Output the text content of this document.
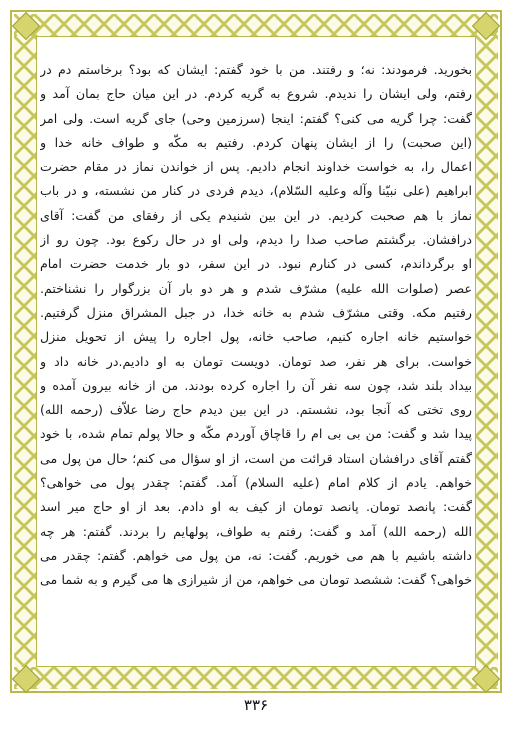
بخورید. فرمودند: نه؛ و رفتند. من با خود گفتم: ایشان که بود؟ برخاستم دم در
رفتم، ولی ایشان را ندیدم. شروع به گریه کردم. در این میان حاج بمان آمد و
گفت: چرا گریه می کنی؟ گفتم: اینجا (سرزمین وحی) جای گریه است. ولی امر
(این صحبت) را از ایشان پنهان کردم. رفتیم به مکّه و طواف خانه خدا و
اعمال را، به خواست خداوند انجام دادیم. پس از خواندن نماز در مقام حضرت
ابراهیم (علی نبیّنا وآله وعلیه السّلام)، دیدم فردی در کنار من نشسته، و در باب
نماز با هم صحبت کردیم. در این بین شنیدم یکی از رفقای من گفت: آقای
درافشان. برگشتم صاحب صدا را دیدم، ولی او در حال رکوع بود. چون رو از
او برگرداندم، کسی در کنارم نبود. در این سفر، دو بار خدمت حضرت امام
عصر (صلوات الله علیه) مشرّف شدم و هر دو بار آن بزرگوار را نشناختم.
رفتیم مکه. وقتی مشرّف شدم به خانه خدا، در جبل المشراق منزل گرفتیم.
خواستیم خانه اجاره کنیم، صاحب خانه، پول اجاره را پیش از تحویل منزل
خواست. برای هر نفر، صد تومان. دویست تومان به او دادیم.در خانه داد و
بیداد بلند شد، چون سه نفر آن را اجاره کرده بودند. من از خانه بیرون آمده و
روی تختی که آنجا بود، نشستم. در این بین دیدم حاج رضا علاّف (رحمه الله)
پیدا شد و گفت: من بی بی ام را قاچاق آوردم مکّه و حالا پولم تمام شده، با خود
گفتم آقای درافشان استاد قرائت من است، از او سؤال می کنم؛ حال من پول می
خواهم. یادم از کلام امام (علیه السلام) آمد. گفتم: چقدر پول می خواهی؟
گفت: پانصد تومان. پانصد تومان از کیف به او دادم. بعد از او حاج میر اسد
الله (رحمه الله) آمد و گفت: رفتم به طواف، پولهایم را بردند. گفتم: هر چه
داشته باشیم با هم می خوریم. گفت: نه، من پول می خواهم. گفتم: چقدر می
خواهی؟ گفت: ششصد تومان می خواهم، من از شیرازی ها می گیرم و به شما می
۳۳۶
